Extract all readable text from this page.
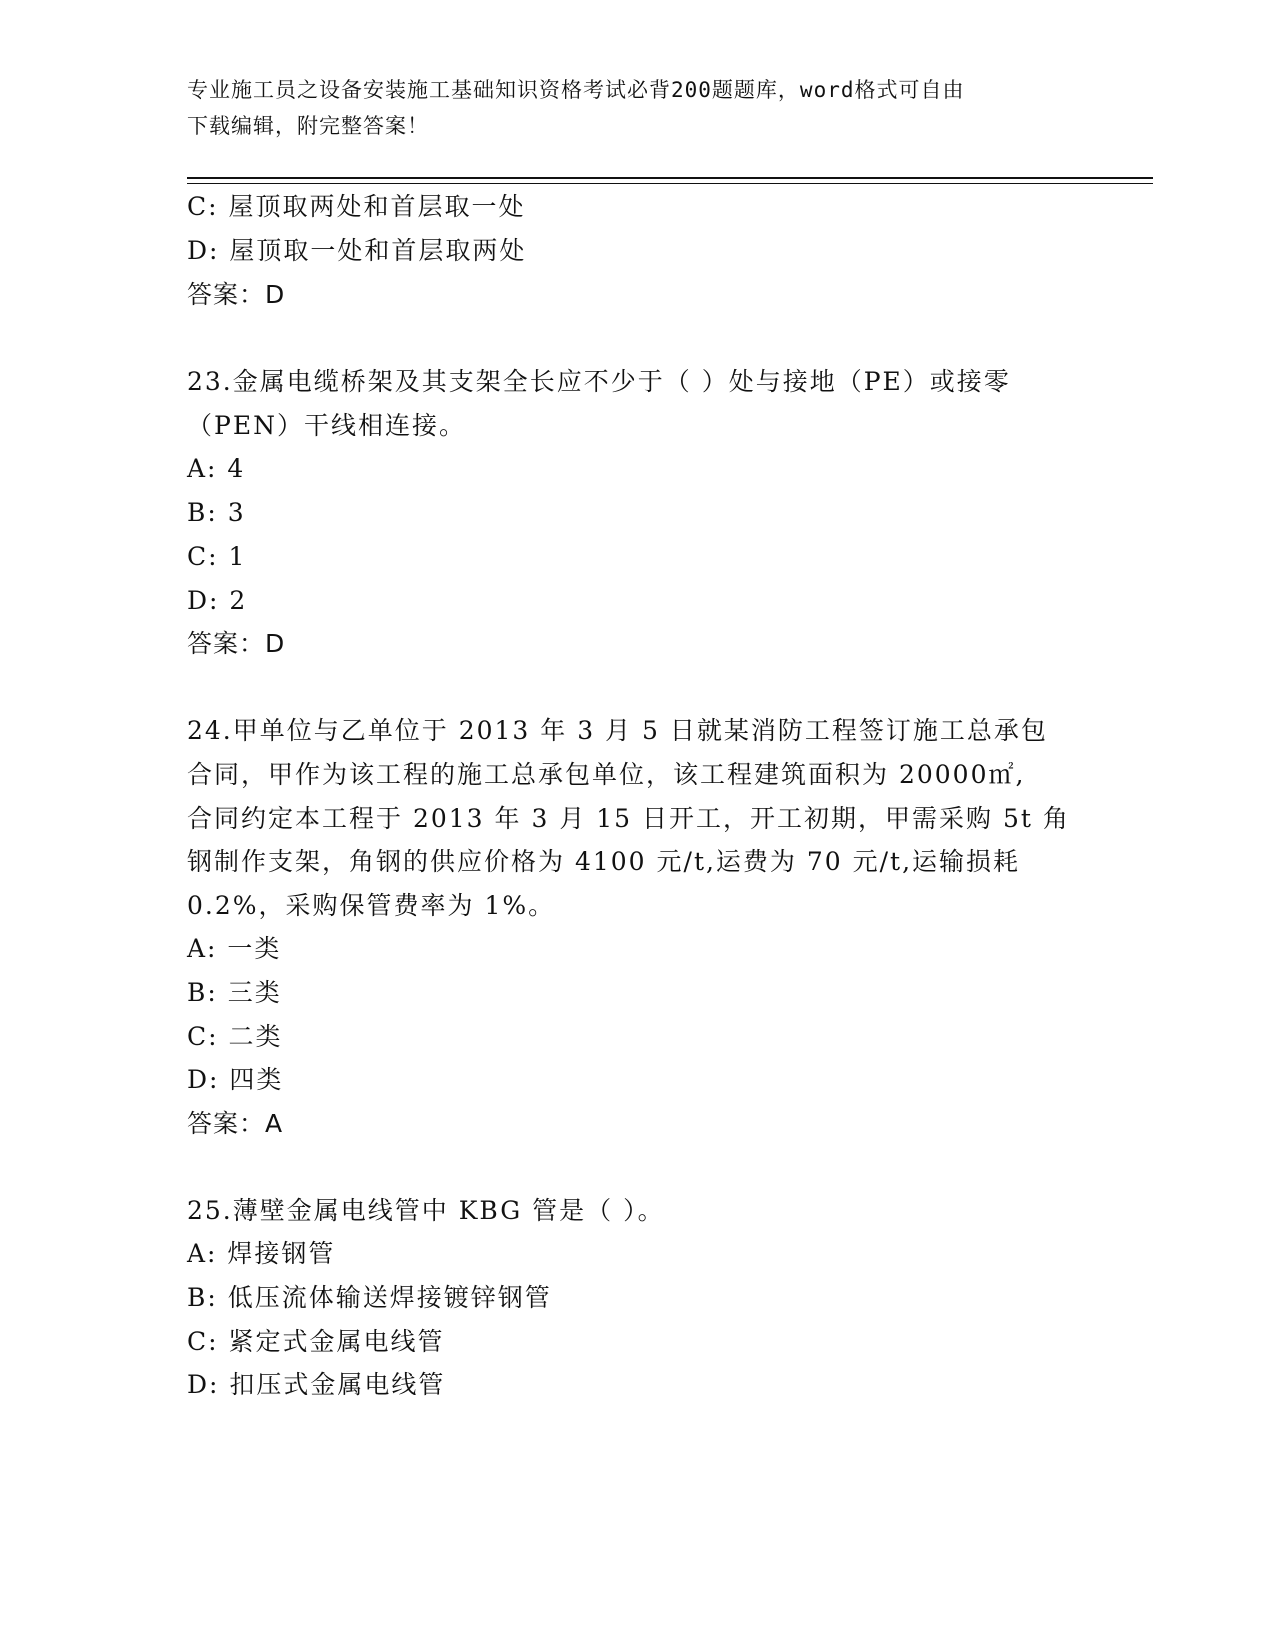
专业施工员之设备安装施工基础知识资格考试必背200题题库，word格式可自由
下载编辑，附完整答案！
C: 屋顶取两处和首层取一处
D: 屋顶取一处和首层取两处
答案：D
23.金属电缆桥架及其支架全长应不少于（ ）处与接地（PE）或接零
（PEN）干线相连接。
A: 4
B: 3
C: 1
D: 2
答案：D
24.甲单位与乙单位于 2013 年 3 月 5 日就某消防工程签订施工总承包
合同，甲作为该工程的施工总承包单位，该工程建筑面积为 20000㎡,
合同约定本工程于 2013 年 3 月 15 日开工，开工初期，甲需采购 5t 角
钢制作支架，角钢的供应价格为 4100 元/t,运费为 70 元/t,运输损耗
0.2%，采购保管费率为 1%。
A: 一类
B: 三类
C: 二类
D: 四类
答案：A
25.薄壁金属电线管中 KBG 管是（ ）。
A: 焊接钢管
B: 低压流体输送焊接镀锌钢管
C: 紧定式金属电线管
D: 扣压式金属电线管
